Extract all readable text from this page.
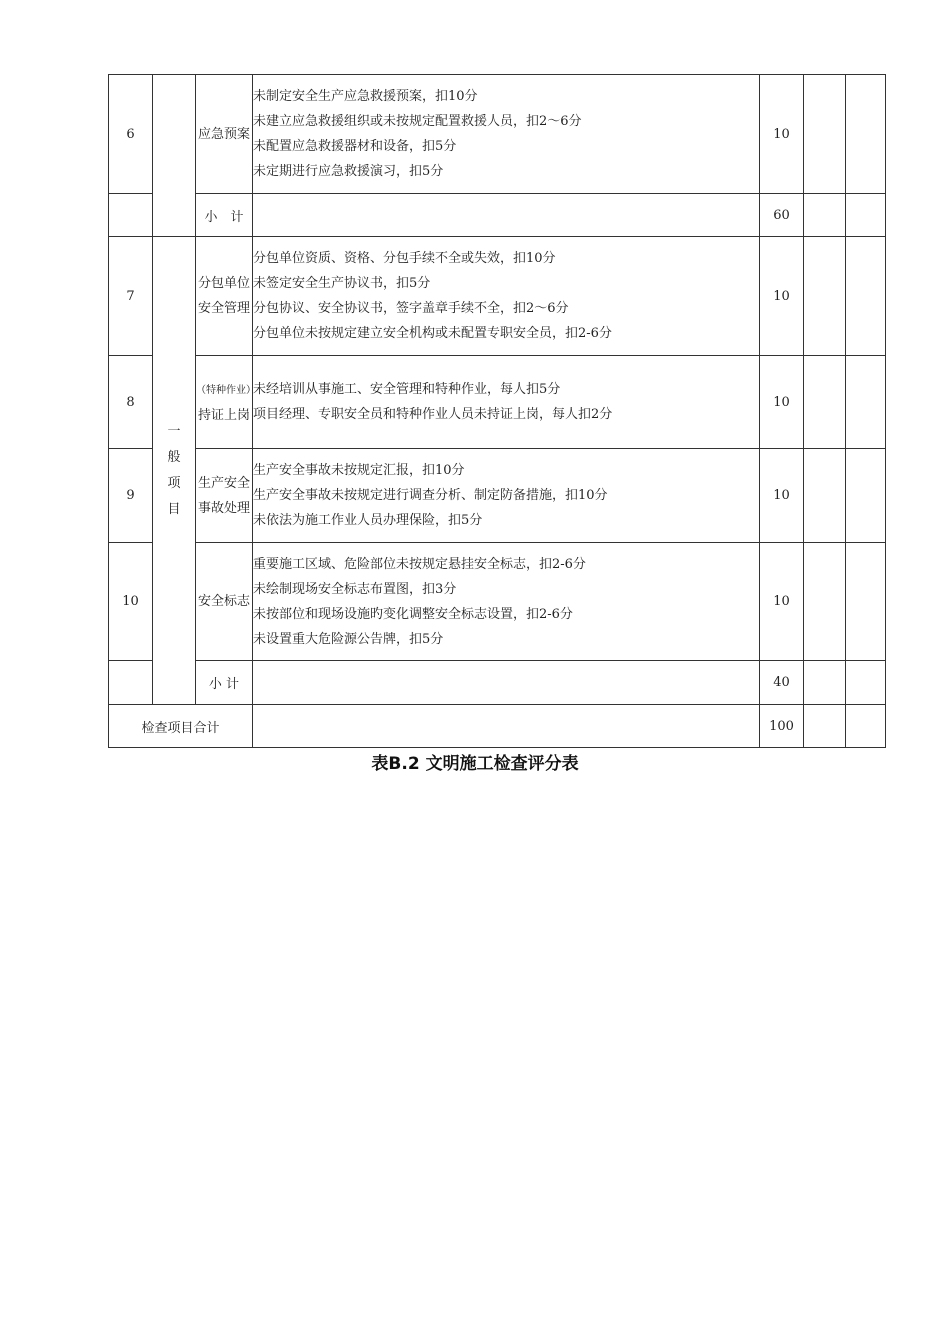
6		应急预案	未制定安全生产应急救援预案，扣10分
未建立应急救援组织或未按规定配置救援人员，扣2～6分
未配置应急救援器材和设备，扣5分
未定期进行应急救援演习，扣5分	10		
		小　计		60		
7	一般项目	分包单位安全管理	分包单位资质、资格、分包手续不全或失效，扣10分
未签定安全生产协议书，扣5分
分包协议、安全协议书，签字盖章手续不全，扣2～6分
分包单位未按规定建立安全机构或未配置专职安全员，扣2-6分	10		
8		（特种作业）持证上岗	未经培训从事施工、安全管理和特种作业，每人扣5分
项目经理、专职安全员和特种作业人员未持证上岗，每人扣2分	10		
9		生产安全事故处理	生产安全事故未按规定汇报，扣10分
生产安全事故未按规定进行调查分析、制定防备措施，扣10分
未依法为施工作业人员办理保险，扣5分	10		
10		安全标志	重要施工区域、危险部位未按规定悬挂安全标志，扣2-6分
未绘制现场安全标志布置图，扣3分
未按部位和现场设施旳变化调整安全标志设置，扣2-6分
未设置重大危险源公告牌，扣5分	10		
		小 计		40		
检查项目合计				100		
表B.2 文明施工检查评分表
